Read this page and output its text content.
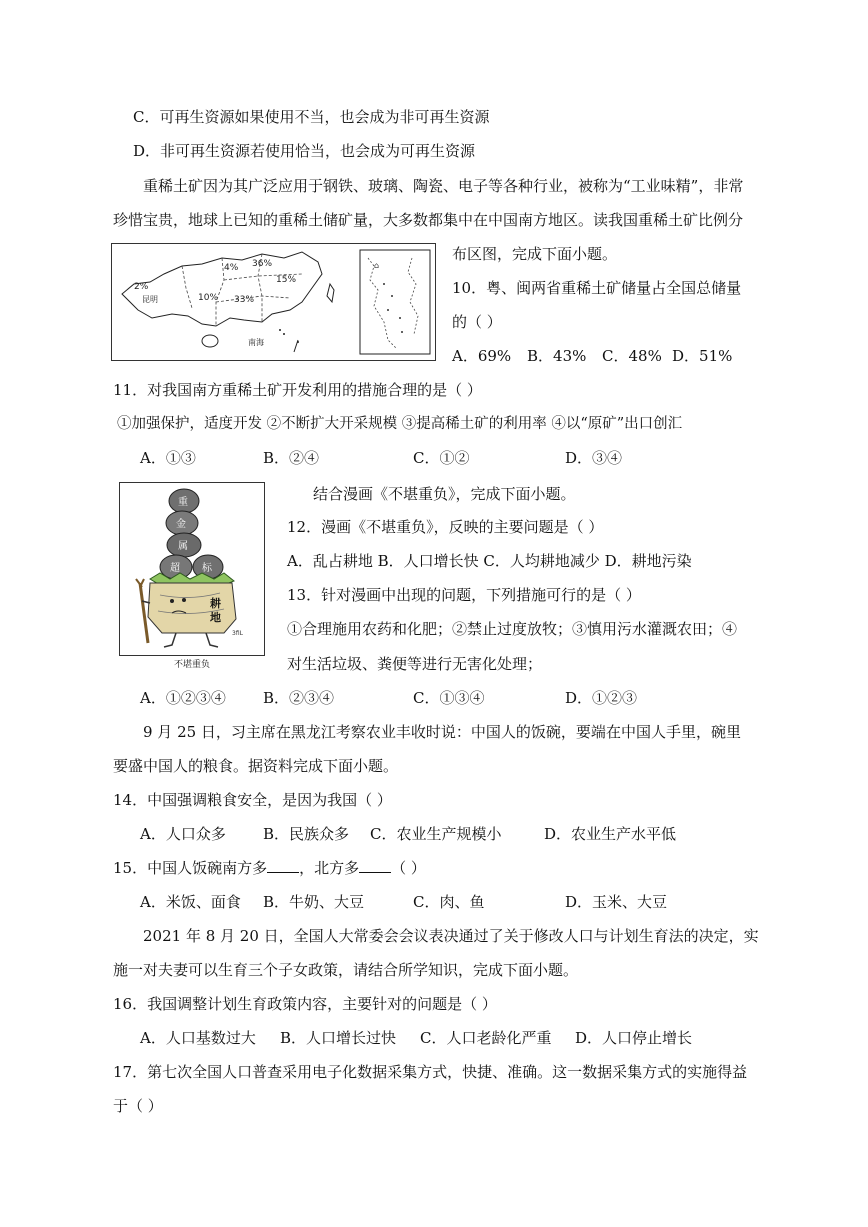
C．可再生资源如果使用不当，也会成为非可再生资源
D．非可再生资源若使用恰当，也会成为可再生资源
重稀土矿因为其广泛应用于钢铁、玻璃、陶瓷、电子等各种行业，被称为“工业味精”，非常
珍惜宝贵，地球上已知的重稀土储矿量，大多数都集中在中国南方地区。读我国重稀土矿比例分
布区图，完成下面小题。
⌂
2%
昆明
4% 36%
15%
10% 33%
南海
10．粤、闽两省重稀土矿储量占全国总储量
的（ ）
A．69% B．43% C．48% D．51%
11．对我国南方重稀土矿开发利用的措施合理的是（ ）
①加强保护，适度开发 ②不断扩大开采规模 ③提高稀土矿的利用率 ④以“原矿”出口创汇
A．①③	B．②④	C．①②	D．③④
重
金
属
超 标
耕
地
3fiL
不堪重负
结合漫画《不堪重负》，完成下面小题。
12．漫画《不堪重负》，反映的主要问题是（ ）
A．乱占耕地 B．人口增长快 C．人均耕地减少 D．耕地污染
13．针对漫画中出现的问题，下列措施可行的是（ ）
①合理施用农药和化肥；②禁止过度放牧；③慎用污水灌溉农田；④
对生活垃圾、粪便等进行无害化处理；
A．①②③④ B．②③④	C．①③④	D．①②③
9 月 25 日，习主席在黑龙江考察农业丰收时说：中国人的饭碗，要端在中国人手里，碗里
要盛中国人的粮食。据资料完成下面小题。
14．中国强调粮食安全，是因为我国（ ）
A．人口众多 B．民族众多 C．农业生产规模小	D．农业生产水平低
15．中国人饭碗南方多 ，北方多 （ ）
A．米饭、面食 B．牛奶、大豆	C．肉、鱼	D．玉米、大豆
2021 年 8 月 20 日，全国人大常委会会议表决通过了关于修改人口与计划生育法的决定，实
施一对夫妻可以生育三个子女政策，请结合所学知识，完成下面小题。
16．我国调整计划生育政策内容，主要针对的问题是（ ）
A．人口基数过大 B．人口增长过快 C．人口老龄化严重 D．人口停止增长
17．第七次全国人口普查采用电子化数据采集方式，快捷、准确。这一数据采集方式的实施得益
于（ ）
